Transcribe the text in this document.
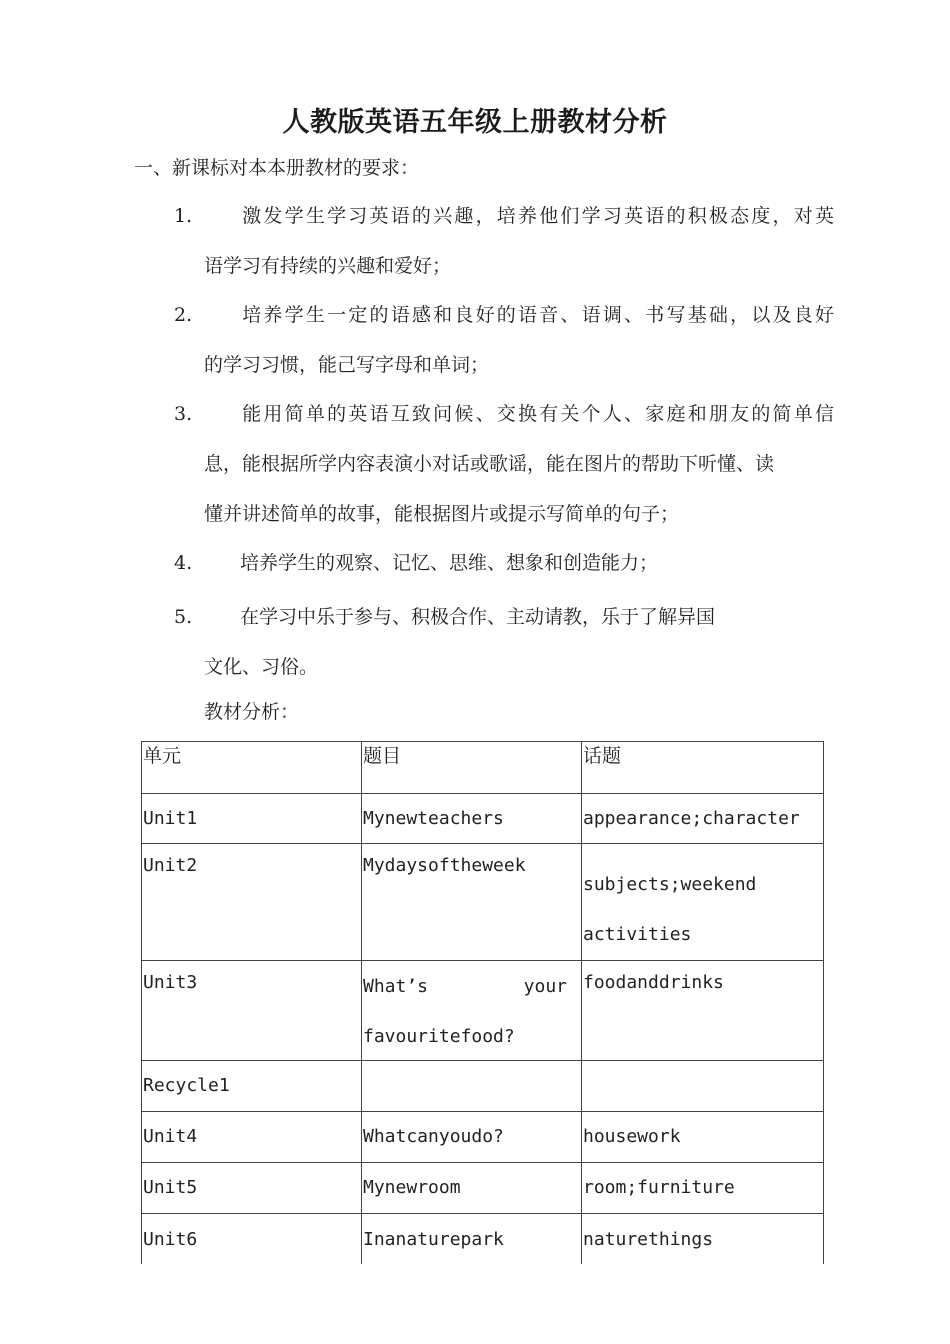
人教版英语五年级上册教材分析
一、新课标对本本册教材的要求：
1.	激发学生学习英语的兴趣，培养他们学习英语的积极态度，对英
语学习有持续的兴趣和爱好；
2.	培养学生一定的语感和良好的语音、语调、书写基础，以及良好
的学习习惯，能己写字母和单词；
3.	能用简单的英语互致问候、交换有关个人、家庭和朋友的简单信
息，能根据所学内容表演小对话或歌谣，能在图片的帮助下听懂、读
懂并讲述简单的故事，能根据图片或提示写简单的句子；
4.	培养学生的观察、记忆、思维、想象和创造能力；
5.	在学习中乐于参与、积极合作、主动请教，乐于了解异国
文化、习俗。
教材分析：
单元	题目	话题
Unit1	Mynewteachers	appearance;character
Unit2	Mydaysoftheweek	subjects;weekend activities
Unit3	What’s your
favouritefood?	foodanddrinks
Recycle1		
Unit4	Whatcanyoudo?	housework
Unit5	Mynewroom	room;furniture
Unit6	Inanaturepark	naturethings
